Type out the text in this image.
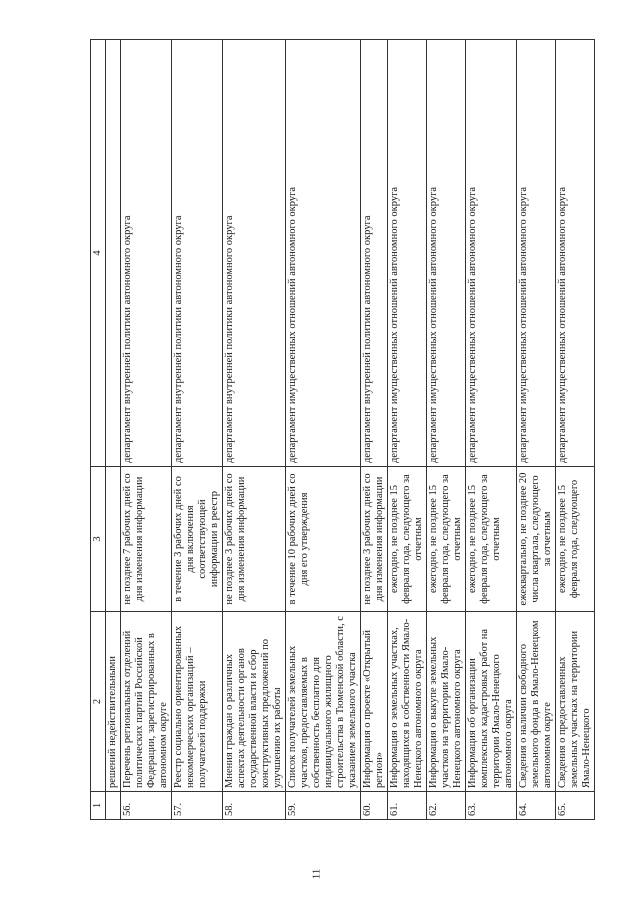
11
1	2	3	4
	решений недействительными		
56.	Перечень региональных отделений политических партий Российской Федерации, зарегистрированных в автономном округе	не позднее 7 рабочих дней со дня изменения информации	департамент внутренней политики автономного округа
57.	Реестр социально ориентированных некоммерческих организаций – получателей поддержки	в течение 3 рабочих дней со дня включения соответствующей информации в реестр	департамент внутренней политики автономного округа
58.	Мнения граждан о различных аспектах деятельности органов государственной власти и сбор конструктивных предложений по улучшению их работы	не позднее 3 рабочих дней со дня изменения информации	департамент внутренней политики автономного округа
59.	Список получателей земельных участков, предоставляемых в собственность бесплатно для индивидуального жилищного строительства в Тюменской области, с указанием земельного участка	в течение 10 рабочих дней со дня его утверждения	департамент имущественных отношений автономного округа
60.	Информация о проекте «Открытый регион»	не позднее 3 рабочих дней со дня изменения информации	департамент внутренней политики автономного округа
61.	Информация о земельных участках, находящихся в собственности Ямало-Ненецкого автономного округа	ежегодно, не позднее 15 февраля года, следующего за отчетным	департамент имущественных отношений автономного округа
62.	Информация о выкупе земельных участков на территории Ямало-Ненецкого автономного округа	ежегодно, не позднее 15 февраля года, следующего за отчетным	департамент имущественных отношений автономного округа
63.	Информация об организации комплексных кадастровых работ на территории Ямало-Ненецкого автономного округа	ежегодно, не позднее 15 февраля года, следующего за отчетным	департамент имущественных отношений автономного округа
64.	Сведения о наличии свободного земельного фонда в Ямало-Ненецком автономном округе	ежеквартально, не позднее 20 числа квартала, следующего за отчетным	департамент имущественных отношений автономного округа
65.	Сведения о предоставленных земельных участках на территории Ямало-Ненецкого	ежегодно, не позднее 15 февраля года, следующего	департамент имущественных отношений автономного округа
